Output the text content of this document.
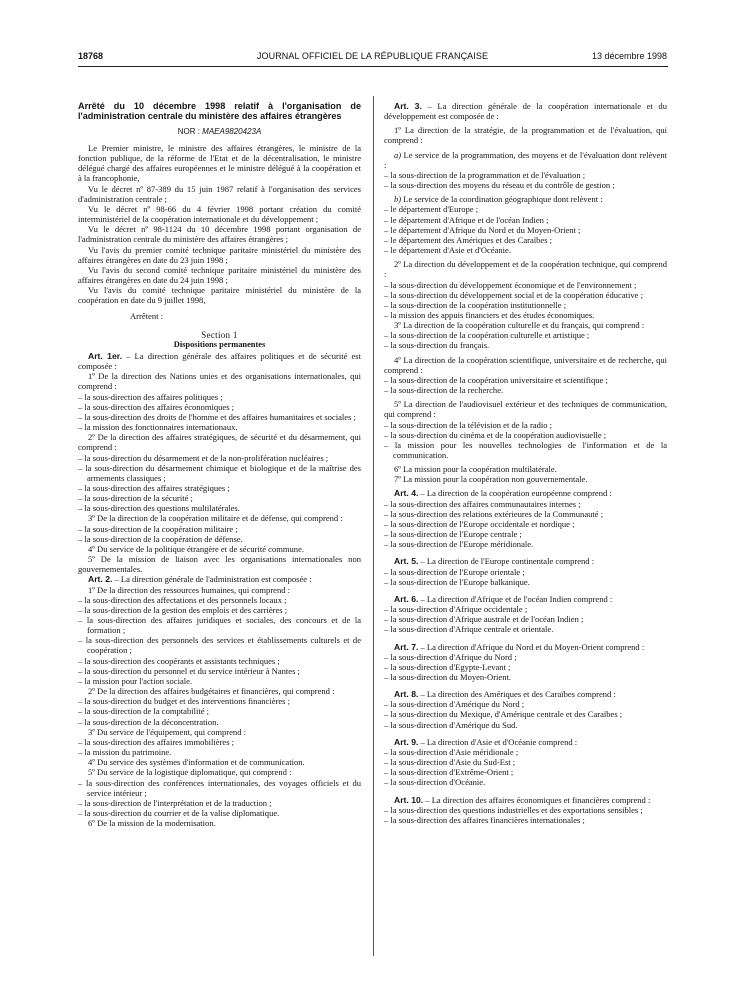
18768	JOURNAL OFFICIEL DE LA RÉPUBLIQUE FRANÇAISE	13 décembre 1998
Arrêté du 10 décembre 1998 relatif à l'organisation de l'administration centrale du ministère des affaires étrangères
NOR : MAEA9820423A
Le Premier ministre, le ministre des affaires étrangères, le ministre de la fonction publique, de la réforme de l'Etat et de la décentralisation, le ministre délégué chargé des affaires européennes et le ministre délégué à la coopération et à la francophonie,
Vu le décret nº 87-389 du 15 juin 1987 relatif à l'organisation des services d'administration centrale ;
Vu le décret nº 98-66 du 4 février 1998 portant création du comité interministériel de la coopération internationale et du développement ;
Vu le décret nº 98-1124 du 10 décembre 1998 portant organisation de l'administration centrale du ministère des affaires étrangères ;
Vu l'avis du premier comité technique paritaire ministériel du ministère des affaires étrangères en date du 23 juin 1998 ;
Vu l'avis du second comité technique paritaire ministériel du ministère des affaires étrangères en date du 24 juin 1998 ;
Vu l'avis du comité technique paritaire ministériel du ministère de la coopération en date du 9 juillet 1998,
Arrêtent :
Section 1
Dispositions permanentes
Art. 1er. – La direction générale des affaires politiques et de sécurité est composée :
1º De la direction des Nations unies et des organisations internationales, qui comprend :
– la sous-direction des affaires politiques ;
– la sous-direction des affaires économiques ;
– la sous-direction des droits de l'homme et des affaires humanitaires et sociales ;
– la mission des fonctionnaires internationaux.
2º De la direction des affaires stratégiques, de sécurité et du désarmement, qui comprend :
– la sous-direction du désarmement et de la non-prolifération nucléaires ;
– la sous-direction du désarmement chimique et biologique et de la maîtrise des armements classiques ;
– la sous-direction des affaires stratégiques ;
– la sous-direction de la sécurité ;
– la sous-direction des questions multilatérales.
3º De la direction de la coopération militaire et de défense, qui comprend :
– la sous-direction de la coopération militaire ;
– la sous-direction de la coopération de défense.
4º Du service de la politique étrangère et de sécurité commune.
5º De la mission de liaison avec les organisations internationales non gouvernementales.
Art. 2. – La direction générale de l'administration est composée :
1º De la direction des ressources humaines, qui comprend :
– la sous-direction des affectations et des personnels locaux ;
– la sous-direction de la gestion des emplois et des carrières ;
– la sous-direction des affaires juridiques et sociales, des concours et de la formation ;
– la sous-direction des personnels des services et établissements culturels et de coopération ;
– la sous-direction des coopérants et assistants techniques ;
– la sous-direction du personnel et du service intérieur à Nantes ;
– la mission pour l'action sociale.
2º De la direction des affaires budgétaires et financières, qui comprend :
– la sous-direction du budget et des interventions financières ;
– la sous-direction de la comptabilité ;
– la sous-direction de la déconcentration.
3º Du service de l'équipement, qui comprend :
– la sous-direction des affaires immobilières ;
– la mission du patrimoine.
4º Du service des systèmes d'information et de communication.
5º Du service de la logistique diplomatique, qui comprend :
– la sous-direction des conférences internationales, des voyages officiels et du service intérieur ;
– la sous-direction de l'interprétation et de la traduction ;
– la sous-direction du courrier et de la valise diplomatique.
6º De la mission de la modernisation.
Art. 3. – La direction générale de la coopération internationale et du développement est composée de :
1º La direction de la stratégie, de la programmation et de l'évaluation, qui comprend :
a) Le service de la programmation, des moyens et de l'évaluation dont relèvent :
– la sous-direction de la programmation et de l'évaluation ;
– la sous-direction des moyens du réseau et du contrôle de gestion ;
b) Le service de la coordination géographique dont relèvent :
– le département d'Europe ;
– le département d'Afrique et de l'océan Indien ;
– le département d'Afrique du Nord et du Moyen-Orient ;
– le département des Amériques et des Caraïbes ;
– le département d'Asie et d'Océanie.
2º La direction du développement et de la coopération technique, qui comprend :
– la sous-direction du développement économique et de l'environnement ;
– la sous-direction du développement social et de la coopération éducative ;
– la sous-direction de la coopération institutionnelle ;
– la mission des appuis financiers et des études économiques.
3º La direction de la coopération culturelle et du français, qui comprend :
– la sous-direction de la coopération culturelle et artistique ;
– la sous-direction du français.
4º La direction de la coopération scientifique, universitaire et de recherche, qui comprend :
– la sous-direction de la coopération universitaire et scientifique ;
– la sous-direction de la recherche.
5º La direction de l'audiovisuel extérieur et des techniques de communication, qui comprend :
– la sous-direction de la télévision et de la radio ;
– la sous-direction du cinéma et de la coopération audiovisuelle ;
– la mission pour les nouvelles technologies de l'information et de la communication.
6º La mission pour la coopération multilatérale.
7º La mission pour la coopération non gouvernementale.
Art. 4. – La direction de la coopération européenne comprend :
– la sous-direction des affaires communautaires internes ;
– la sous-direction des relations extérieures de la Communauté ;
– la sous-direction de l'Europe occidentale et nordique ;
– la sous-direction de l'Europe centrale ;
– la sous-direction de l'Europe méridionale.
Art. 5. – La direction de l'Europe continentale comprend :
– la sous-direction de l'Europe orientale ;
– la sous-direction de l'Europe balkanique.
Art. 6. – La direction d'Afrique et de l'océan Indien comprend :
– la sous-direction d'Afrique occidentale ;
– la sous-direction d'Afrique australe et de l'océan Indien ;
– la sous-direction d'Afrique centrale et orientale.
Art. 7. – La direction d'Afrique du Nord et du Moyen-Orient comprend :
– la sous-direction d'Afrique du Nord ;
– la sous-direction d'Egypte-Levant ;
– la sous-direction du Moyen-Orient.
Art. 8. – La direction des Amériques et des Caraïbes comprend :
– la sous-direction d'Amérique du Nord ;
– la sous-direction du Mexique, d'Amérique centrale et des Caraïbes ;
– la sous-direction d'Amérique du Sud.
Art. 9. – La direction d'Asie et d'Océanie comprend :
– la sous-direction d'Asie méridionale ;
– la sous-direction d'Asie du Sud-Est ;
– la sous-direction d'Extrême-Orient ;
– la sous-direction d'Océanie.
Art. 10. – La direction des affaires économiques et financières comprend :
– la sous-direction des questions industrielles et des exportations sensibles ;
– la sous-direction des affaires financières internationales ;
